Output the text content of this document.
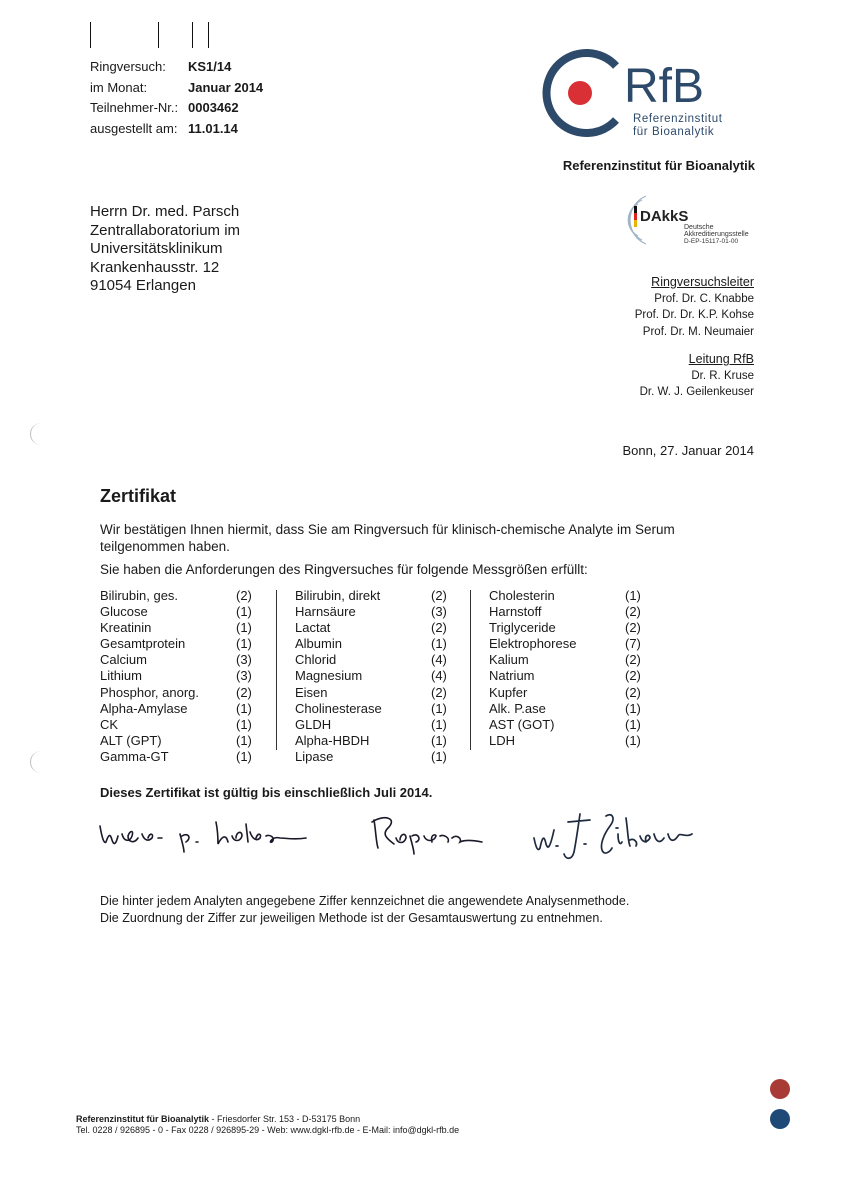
Ringversuch:	KS1/14
im Monat:	Januar 2014
Teilnehmer-Nr.: 0003462
ausgestellt am: 11.01.14
RfB
Referenzinstitut
für Bioanalytik
Referenzinstitut für Bioanalytik
Herrn Dr. med. Parsch
Zentrallaboratorium im
Universitätsklinikum
Krankenhausstr. 12
91054 Erlangen
DAkkS
Deutsche
Akkreditierungsstelle
D-EP-15117-01-00
Ringversuchsleiter
Prof. Dr. C. Knabbe
Prof. Dr. Dr. K.P. Kohse
Prof. Dr. M. Neumaier
Leitung RfB
Dr. R. Kruse
Dr. W. J. Geilenkeuser
Bonn, 27. Januar 2014
Zertifikat
Wir bestätigen Ihnen hiermit, dass Sie am Ringversuch für klinisch-chemische Analyte im Serum
teilgenommen haben.
Sie haben die Anforderungen des Ringversuches für folgende Messgrößen erfüllt:
Bilirubin, ges.	(2)
Glucose	(1)
Kreatinin	(1)
Gesamtprotein	(1)
Calcium	(3)
Lithium	(3)
Phosphor, anorg.	(2)
Alpha-Amylase	(1)
CK	(1)
ALT (GPT)	(1)
Gamma-GT	(1)
Bilirubin, direkt	(2)
Harnsäure	(3)
Lactat	(2)
Albumin	(1)
Chlorid	(4)
Magnesium	(4)
Eisen	(2)
Cholinesterase	(1)
GLDH	(1)
Alpha-HBDH	(1)
Lipase	(1)
Cholesterin	(1)
Harnstoff	(2)
Triglyceride	(2)
Elektrophorese	(7)
Kalium	(2)
Natrium	(2)
Kupfer	(2)
Alk. P.ase	(1)
AST (GOT)	(1)
LDH	(1)
Dieses Zertifikat ist gültig bis einschließlich Juli 2014.
Die hinter jedem Analyten angegebene Ziffer kennzeichnet die angewendete Analysenmethode.
Die Zuordnung der Ziffer zur jeweiligen Methode ist der Gesamtauswertung zu entnehmen.
Referenzinstitut für Bioanalytik - Friesdorfer Str. 153 - D-53175 Bonn
Tel. 0228 / 926895 - 0 - Fax 0228 / 926895-29 - Web: www.dgkl-rfb.de - E-Mail: info@dgkl-rfb.de
